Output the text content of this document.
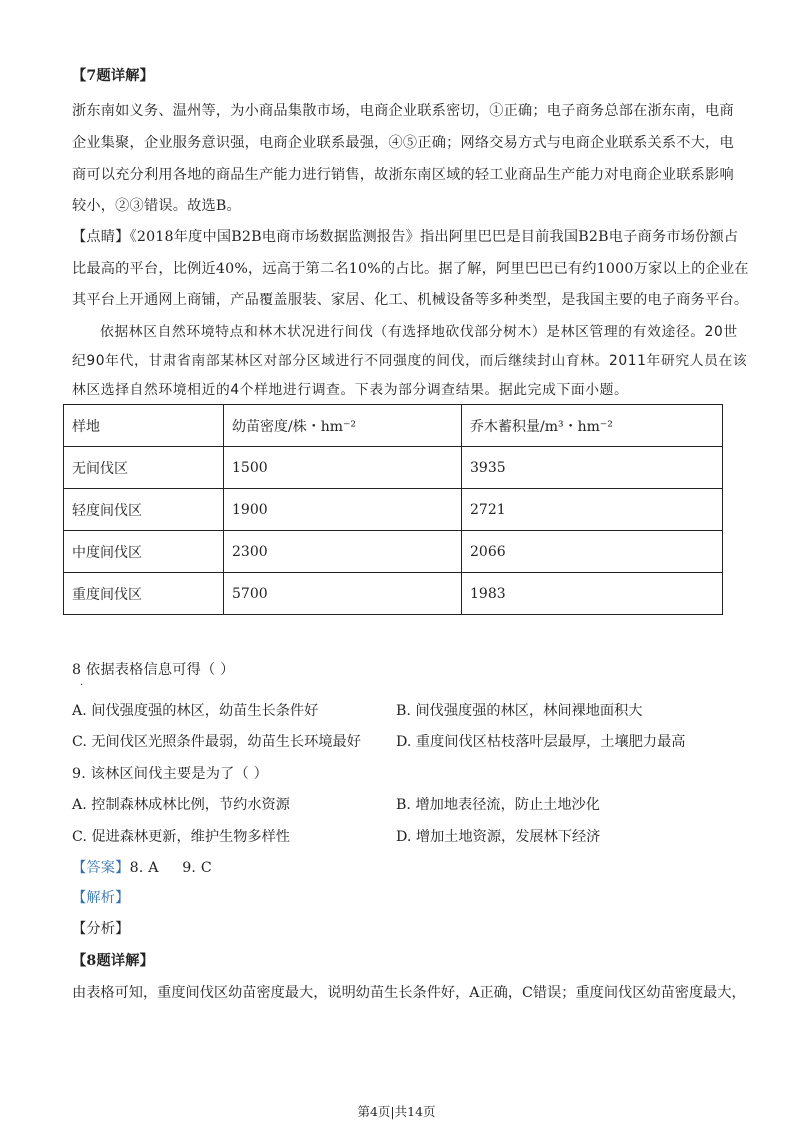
【7题详解】
浙东南如义务、温州等，为小商品集散市场，电商企业联系密切，①正确；电子商务总部在浙东南，电商
企业集聚，企业服务意识强，电商企业联系最强，④⑤正确；网络交易方式与电商企业联系关系不大，电
商可以充分利用各地的商品生产能力进行销售，故浙东南区域的轻工业商品生产能力对电商企业联系影响
较小，②③错误。故选B。
【点睛】《2018年度中国B2B电商市场数据监测报告》指出阿里巴巴是目前我国B2B电子商务市场份额占
比最高的平台，比例近40%，远高于第二名10%的占比。据了解，阿里巴巴已有约1000万家以上的企业在
其平台上开通网上商铺，产品覆盖服装、家居、化工、机械设备等多种类型，是我国主要的电子商务平台。
依据林区自然环境特点和林木状况进行间伐（有选择地砍伐部分树木）是林区管理的有效途径。20世
纪90年代，甘肃省南部某林区对部分区域进行不同强度的间伐，而后继续封山育林。2011年研究人员在该
林区选择自然环境相近的4个样地进行调查。下表为部分调查结果。据此完成下面小题。
样地	幼苗密度/株・hm⁻²	乔木蓄积量/m³・hm⁻²
无间伐区	1500	3935
轻度间伐区	1900	2721
中度间伐区	2300	2066
重度间伐区	5700	1983
8 依据表格信息可得（ ）
.
A. 间伐强度强的林区，幼苗生长条件好	B. 间伐强度强的林区，林间裸地面积大
C. 无间伐区光照条件最弱，幼苗生长环境最好 D. 重度间伐区枯枝落叶层最厚，土壤肥力最高
9. 该林区间伐主要是为了（ ）
A. 控制森林成林比例，节约水资源	B. 增加地表径流，防止土地沙化
C. 促进森林更新，维护生物多样性	D. 增加土地资源，发展林下经济
【答案】8. A     9. C
【解析】
【分析】
【8题详解】
由表格可知，重度间伐区幼苗密度最大，说明幼苗生长条件好，A正确，C错误；重度间伐区幼苗密度最大，
第4页|共14页
